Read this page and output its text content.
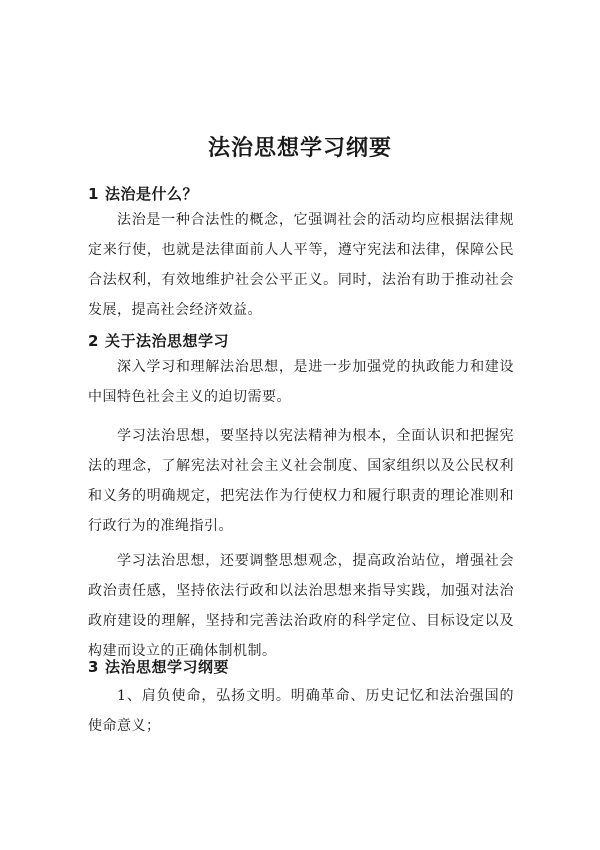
法治思想学习纲要
1 法治是什么？

法治是一种合法性的概念，它强调社会的活动均应根据法律规定来行使，也就是法律面前人人平等，遵守宪法和法律，保障公民合法权利，有效地维护社会公平正义。同时，法治有助于推动社会发展，提高社会经济效益。

2 关于法治思想学习

深入学习和理解法治思想，是进一步加强党的执政能力和建设中国特色社会主义的迫切需要。

学习法治思想，要坚持以宪法精神为根本，全面认识和把握宪法的理念，了解宪法对社会主义社会制度、国家组织以及公民权利和义务的明确规定，把宪法作为行使权力和履行职责的理论准则和行政行为的准绳指引。

学习法治思想，还要调整思想观念，提高政治站位，增强社会政治责任感，坚持依法行政和以法治思想来指导实践，加强对法治政府建设的理解，坚持和完善法治政府的科学定位、目标设定以及构建而设立的正确体制机制。

3 法治思想学习纲要

1、肩负使命，弘扬文明。明确革命、历史记忆和法治强国的使命意义；
